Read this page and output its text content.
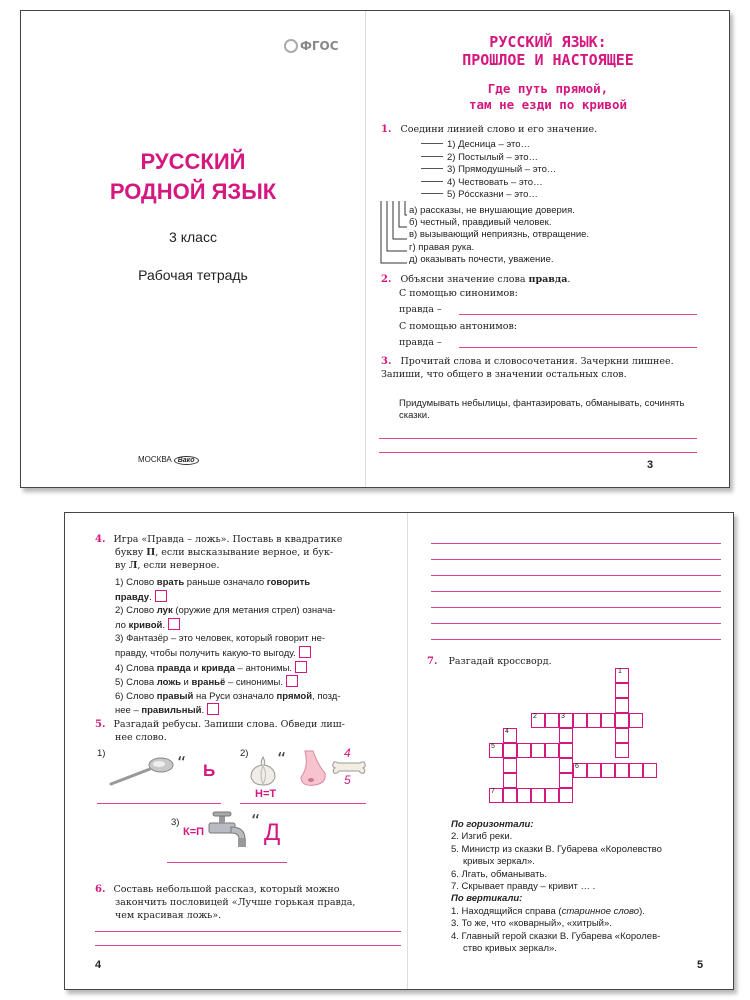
ФГОС
РУССКИЙ
РОДНОЙ ЯЗЫК
3 класс
Рабочая тетрадь
МОСКВА Вако
РУССКИЙ ЯЗЫК:
ПРОШЛОЕ И НАСТОЯЩЕЕ
Где путь прямой,
там не езди по кривой
1. Соедини линией слово и его значение.
1) Десница – это…
2) Постылый – это…
3) Прямодушный – это…
4) Чествовать – это…
5) Рóссказни – это…
а) рассказы, не внушающие доверия.
б) честный, правдивый человек.
в) вызывающий неприязнь, отвращение.
г) правая рука.
д) оказывать почести, уважение.
2. Объясни значение слова правда.
С помощью синонимов:
правда –
С помощью антонимов:
правда –
3. Прочитай слова и словосочетания. Зачеркни лишнее. Запиши, что общего в значении остальных слов.
Придумывать небылицы, фантазировать, обманывать, сочинять сказки.
3
4. Игра «Правда – ложь». Поставь в квадратике
букву П, если высказывание верное, и бук-
ву Л, если неверное.
1) Слово врать раньше означало говорить
правду.
2) Слово лук (оружие для метания стрел) означа-
ло кривой.
3) Фантазёр – это человек, который говорит не-
правду, чтобы получить какую-то выгоду.
4) Слова правда и кривда – антонимы.
5) Слова ложь и враньё – синонимы.
6) Слово правый на Руси означало прямой, позд-
нее – правильный.
5. Разгадай ребусы. Запиши слова. Обведи лиш-
нее слово.
1)	“ Ь
2) “
Н=Т
4
5
3)
К=П	“ Д
6. Составь небольшой рассказ, который можно
закончить пословицей «Лучше горькая правда,
чем красивая ложь».
4
7. Разгадай кроссворд.
1
2	3
4
5
6
7
По горизонтали:
2. Изгиб реки.
5. Министр из сказки В. Губарева «Королевство
кривых зеркал».
6. Лгать, обманывать.
7. Скрывает правду – кривит … .
По вертикали:
1. Находящийся справа (старинное слово).
3. То же, что «коварный», «хитрый».
4. Главный герой сказки В. Губарева «Королев-
ство кривых зеркал».
5
